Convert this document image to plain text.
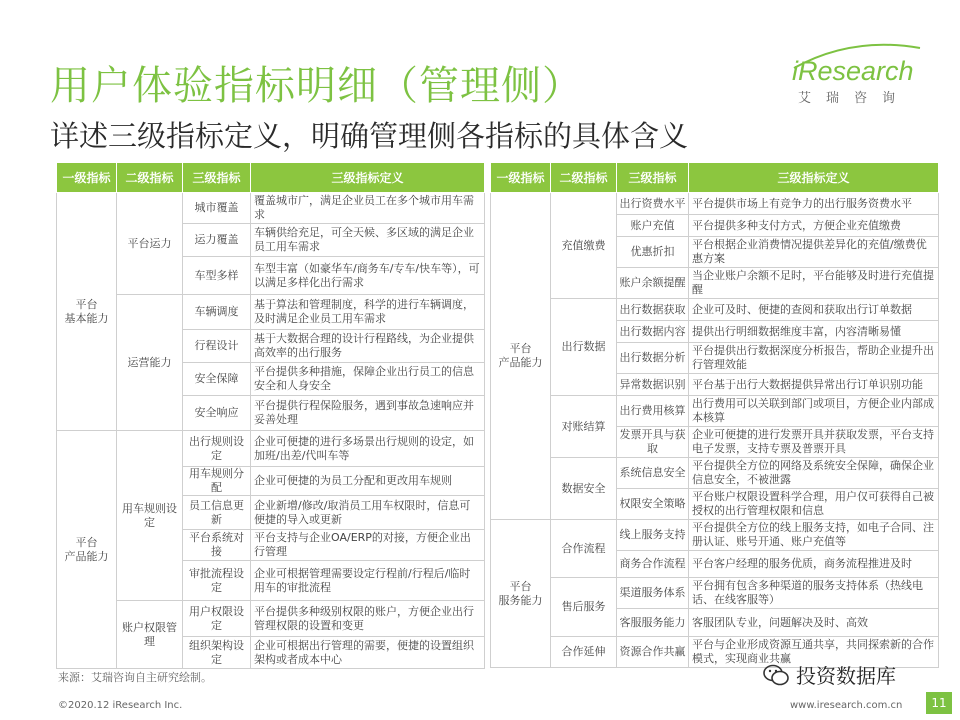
用户体验指标明细（管理侧）
详述三级指标定义，明确管理侧各指标的具体含义
iResearch
艾瑞咨询
一级指标	二级指标	三级指标	三级指标定义
平台
基本能力	平台运力	城市覆盖	覆盖城市广，满足企业员工在多个城市用车需求
		运力覆盖	车辆供给充足，可全天候、多区域的满足企业员工用车需求
		车型多样	车型丰富（如豪华车/商务车/专车/快车等），可以满足多样化出行需求
	运营能力	车辆调度	基于算法和管理制度，科学的进行车辆调度，及时满足企业员工用车需求
		行程设计	基于大数据合理的设计行程路线，为企业提供高效率的出行服务
		安全保障	平台提供多种措施，保障企业出行员工的信息安全和人身安全
		安全响应	平台提供行程保险服务，遇到事故急速响应并妥善处理
平台
产品能力	用车规则设定	出行规则设定	企业可便捷的进行多场景出行规则的设定，如加班/出差/代叫车等
		用车规则分配	企业可便捷的为员工分配和更改用车规则
		员工信息更新	企业新增/修改/取消员工用车权限时，信息可便捷的导入或更新
		平台系统对接	平台支持与企业OA/ERP的对接，方便企业出行管理
		审批流程设定	企业可根据管理需要设定行程前/行程后/临时用车的审批流程
	账户权限管理	用户权限设定	平台提供多种级别权限的账户，方便企业出行管理权限的设置和变更
		组织架构设定	企业可根据出行管理的需要，便捷的设置组织架构或者成本中心
一级指标	二级指标	三级指标	三级指标定义
平台
产品能力	充值缴费	出行资费水平	平台提供市场上有竞争力的出行服务资费水平
		账户充值	平台提供多种支付方式，方便企业充值缴费
		优惠折扣	平台根据企业消费情况提供差异化的充值/缴费优惠方案
		账户余额提醒	当企业账户余额不足时，平台能够及时进行充值提醒
	出行数据	出行数据获取	企业可及时、便捷的查阅和获取出行订单数据
		出行数据内容	提供出行明细数据维度丰富，内容清晰易懂
		出行数据分析	平台提供出行数据深度分析报告，帮助企业提升出行管理效能
		异常数据识别	平台基于出行大数据提供异常出行订单识别功能
	对账结算	出行费用核算	出行费用可以关联到部门或项目，方便企业内部成本核算
		发票开具与获取	企业可便捷的进行发票开具并获取发票，平台支持电子发票，支持专票及普票开具
	数据安全	系统信息安全	平台提供全方位的网络及系统安全保障，确保企业信息安全，不被泄露
		权限安全策略	平台账户权限设置科学合理，用户仅可获得自己被授权的出行管理权限和信息
平台
服务能力	合作流程	线上服务支持	平台提供全方位的线上服务支持，如电子合同、注册认证、账号开通、账户充值等
		商务合作流程	平台客户经理的服务优质，商务流程推进及时
	售后服务	渠道服务体系	平台拥有包含多种渠道的服务支持体系（热线电话、在线客服等）
		客服服务能力	客服团队专业，问题解决及时、高效
	合作延伸	资源合作共赢	平台与企业形成资源互通共享，共同探索新的合作模式，实现商业共赢
来源：艾瑞咨询自主研究绘制。	投资数据库
©2020.12 iResearch Inc.	www.iresearch.com.cn	11
